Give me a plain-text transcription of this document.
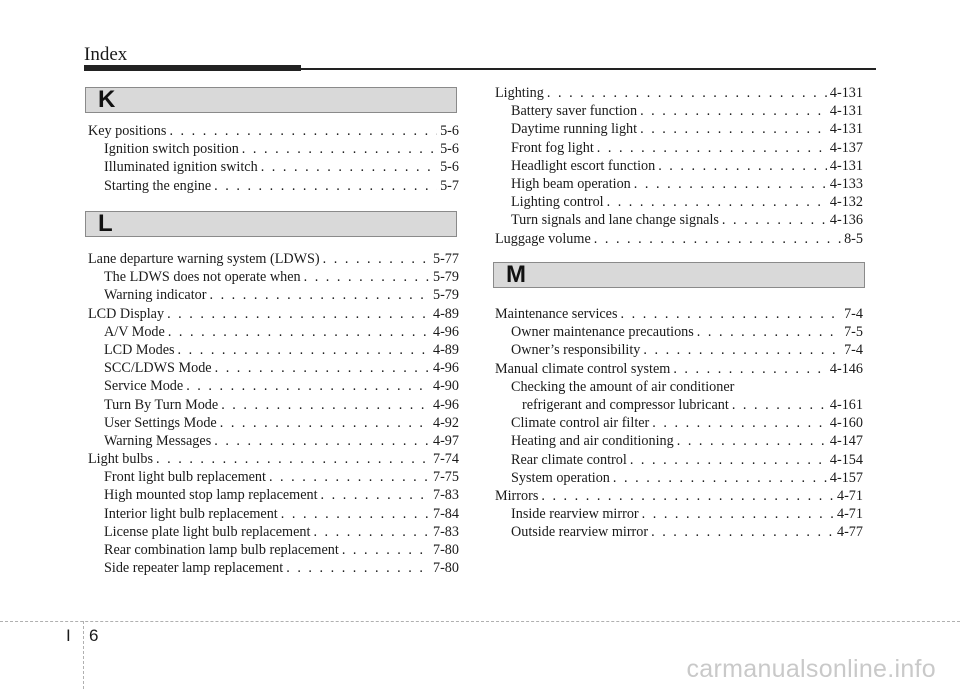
Index
K
Key positions . . .	5-6
Ignition switch position . . .	5-6
Illuminated ignition switch . . .	5-6
Starting the engine . . .	5-7
L
Lane departure warning system (LDWS) . . .	5-77
The LDWS does not operate when . . .	5-79
Warning indicator . . .	5-79
LCD Display . . .	4-89
A/V Mode . . .	4-96
LCD Modes . . .	4-89
SCC/LDWS Mode . . .	4-96
Service Mode . . .	4-90
Turn By Turn Mode . . .	4-96
User Settings Mode . . .	4-92
Warning Messages . . .	4-97
Light bulbs . . .	7-74
Front light bulb replacement . . .	7-75
High mounted stop lamp replacement . . .	7-83
Interior light bulb replacement . . .	7-84
License plate light bulb replacement . . .	7-83
Rear combination lamp bulb replacement . . .	7-80
Side repeater lamp replacement . . .	7-80
Lighting . . .	4-131
Battery saver function . . .	4-131
Daytime running light . . .	4-131
Front fog light . . .	4-137
Headlight escort function . . .	4-131
High beam operation . . .	4-133
Lighting control . . .	4-132
Turn signals and lane change signals . . .	4-136
Luggage volume . . .	8-5
M
Maintenance services . . .	7-4
Owner maintenance precautions . . .	7-5
Owner’s responsibility . . .	7-4
Manual climate control system . . .	4-146
Checking the amount of air conditioner
refrigerant and compressor lubricant . . .	4-161
Climate control air filter . . .	4-160
Heating and air conditioning . . .	4-147
Rear climate control . . .	4-154
System operation . . .	4-157
Mirrors . . .	4-71
Inside rearview mirror . . .	4-71
Outside rearview mirror . . .	4-77
I 6
carmanualsonline.info
